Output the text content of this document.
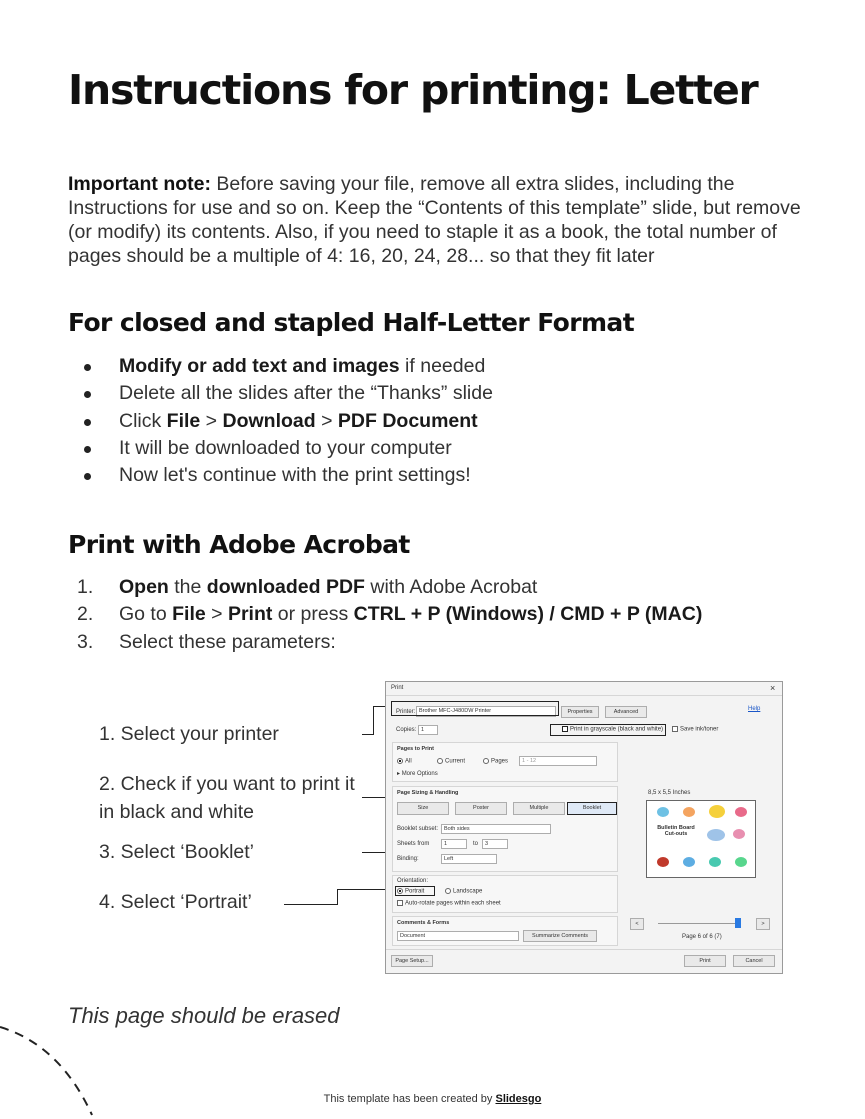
Instructions for printing: Letter

Important note: Before saving your file, remove all extra slides, including the Instructions for use and so on. Keep the “Contents of this template” slide, but remove (or modify) its contents. Also, if you need to staple it as a book, the total number of pages should be a multiple of 4: 16, 20, 24, 28... so that they fit later

For closed and stapled Half-Letter Format
Modify or add text and images if needed
Delete all the slides after the “Thanks” slide
Click File > Download > PDF Document
It will be downloaded to your computer
Now let's continue with the print settings!
Print with Adobe Acrobat
1. Open the downloaded PDF with Adobe Acrobat
2. Go to File > Print or press CTRL + P (Windows) / CMD + P (MAC)
3. Select these parameters:
1. Select your printer
2. Check if you want to print it
in black and white
3. Select ‘Booklet’
4. Select ‘Portrait’
Print	×
Printer: Brother MFC-J480DW Printer	Properties	Advanced	Help
Copies: 1	Print in grayscale (black and white)	Save ink/toner
Pages to Print
All	Current	Pages	1 - 12
▸ More Options
Page Sizing & Handling
Size	Poster	Multiple	Booklet
Booklet subset:	Both sides
Sheets from	1	to	3
Binding:	Left
Orientation:
Portrait	Landscape
Auto-rotate pages within each sheet
Comments & Forms
Document	Summarize Comments
8,5 x 5,5 Inches
Bulletin Board
Cut-outs
<	>
Page 6 of 6 (7)
Page Setup...	Print	Cancel
This page should be erased
This template has been created by Slidesgo
